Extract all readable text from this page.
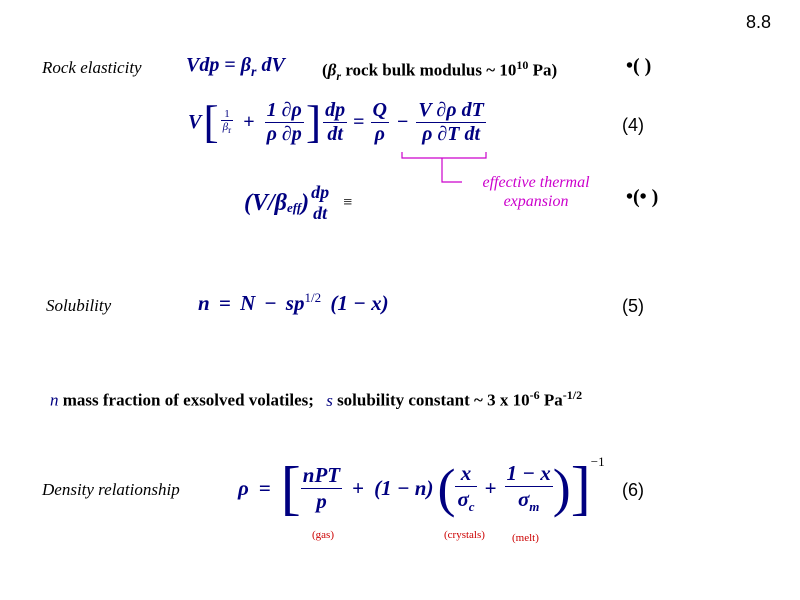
8.8
Rock elasticity Vdp = $\beta_r$ dV ($\beta_r$ rock bulk modulus ~ $10^{10}$ Pa)	•( )
V [ $\frac{1}{\beta_r} + \frac{1 \partial\rho}{\rho \partial p}$ ] $\frac{dp}{dt} = \frac{Q}{\rho} - \frac{\text{V ∂ρ dT}}{\text{ρ ∂T dt}}$	(4)
effective thermal
expansion
($V/\beta_{eff}$ ) dp
dt
≡	•(• )
Solubility	$n = N - sp^{1/2}$ (1 − x)	(5)
n mass fraction of exsolved volatiles; s solubility constant ~ 3 x $10^{-6}$ $Pa^{-1/2}$
Density relationship	ρ = [ $\frac{\text{nPT}}{p} + (1 - n)$ ( $\frac{x}{\sigma_c} + \frac{1 - x}{\sigma_m}$ ) ]$^{-1}$
(6)
(gas)	(crystals) (melt)
